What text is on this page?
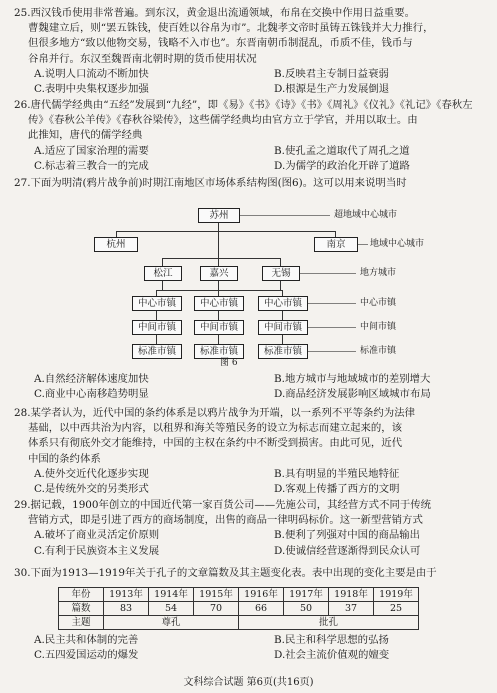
25.西汉钱币使用非常普遍。到东汉，黄金退出流通领域，布帛在交换中作用日益重要。

曹魏建立后，则“罢五铢钱，使百姓以谷帛为市”。北魏孝文帝时虽铸五铢钱并大力推行，

但很多地方“致以他物交易，钱略不入市也”。东晋南朝币制混乱，币质不佳，钱币与

谷帛并行。东汉至魏晋南北朝时期的货币使用状况

A.说明人口流动不断加快	B.反映君主专制日益衰弱
C.表明中央集权逐步加强	D.根源是生产力发展倒退

26.唐代儒学经典由“五经”发展到“九经”，即《易》《书》《诗》《书》《周礼》《仪礼》《礼记》《春秋左

传》《春秋公羊传》《春秋谷梁传》，这些儒学经典均由官方立于学官，并用以取士。由

此推知，唐代的儒学经典

A.适应了国家治理的需要	B.使孔孟之道取代了周孔之道
C.标志着三教合一的完成	D.为儒学的政治化开辟了道路

27.下面为明清(鸦片战争前)时期江南地区市场体系结构图(图6)。这可以用来说明当时

苏州
杭州	南京
松江	嘉兴	无锡
中心市镇	中心市镇	中心市镇
中间市镇	中间市镇	中间市镇
标准市镇	标准市镇	标准市镇
超地域中心城市
地域中心城市
地方城市
中心市镇
中间市镇
标准市镇
图 6
A.自然经济解体速度加快	B.地方城市与地域城市的差别增大
C.商业中心南移趋势明显	D.商品经济发展影响区域城市布局

28.某学者认为，近代中国的条约体系是以鸦片战争为开端，以一系列不平等条约为法律

基础，以中西共治为内容，以租界和海关等殖民务的设立为标志而建立起来的，该

体系只有彻底外交才能维持，中国的主权在条约中不断受到损害。由此可见，近代

中国的条约体系

A.使外交近代化逐步实现	B.具有明显的半殖民地特征
C.是传统外交的另类形式	D.客观上传播了西方的文明

29.据记载，1900年创立的中国近代第一家百货公司——先施公司，其经营方式不同于传统

营销方式，即是引进了西方的商场制度，出售的商品一律明码标价。这一新型营销方式

A.破坏了商业灵活定价原则	B.便利了列强对中国的商品输出
C.有利于民族资本主义发展	D.使诚信经营逐渐得到民众认可

30.下面为1913—1919年关于孔子的文章篇数及其主题变化表。表中出现的变化主要是由于

年份	1913年	1914年	1915年	1916年	1917年	1918年	1919年
篇数	83	54	70	66	50	37	25
主题	尊孔			批孔			
A.民主共和体制的完善	B.民主和科学思想的弘扬
C.五四爱国运动的爆发	D.社会主流价值观的嬗变
文科综合试题 第6页(共16页)
